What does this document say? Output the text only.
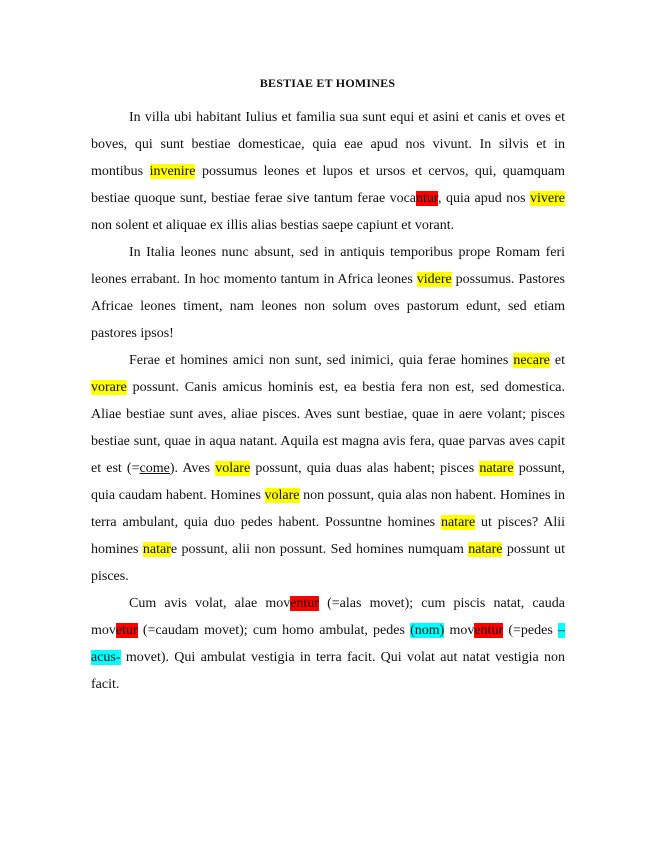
BESTIAE ET HOMINES

In villa ubi habitant Iulius et familia sua sunt equi et asini et canis et oves et boves, qui sunt bestiae domesticae, quia eae apud nos vivunt. In silvis et in montibus invenire possumus leones et lupos et ursos et cervos, qui, quamquam bestiae quoque sunt, bestiae ferae sive tantum ferae vocantur, quia apud nos vivere non solent et aliquae ex illis alias bestias saepe capiunt et vorant.

In Italia leones nunc absunt, sed in antiquis temporibus prope Romam feri leones errabant. In hoc momento tantum in Africa leones videre possumus. Pastores Africae leones timent, nam leones non solum oves pastorum edunt, sed etiam pastores ipsos!

Ferae et homines amici non sunt, sed inimici, quia ferae homines necare et vorare possunt. Canis amicus hominis est, ea bestia fera non est, sed domestica. Aliae bestiae sunt aves, aliae pisces. Aves sunt bestiae, quae in aere volant; pisces bestiae sunt, quae in aqua natant. Aquila est magna avis fera, quae parvas aves capit et est (=come). Aves volare possunt, quia duas alas habent; pisces natare possunt, quia caudam habent. Homines volare non possunt, quia alas non habent. Homines in terra ambulant, quia duo pedes habent. Possuntne homines natare ut pisces? Alii homines natare possunt, alii non possunt. Sed homines numquam natare possunt ut pisces.

Cum avis volat, alae moventur (=alas movet); cum piscis natat, cauda movetur (=caudam movet); cum homo ambulat, pedes (nom) moventur (=pedes –acus- movet). Qui ambulat vestigia in terra facit. Qui volat aut natat vestigia non facit.
